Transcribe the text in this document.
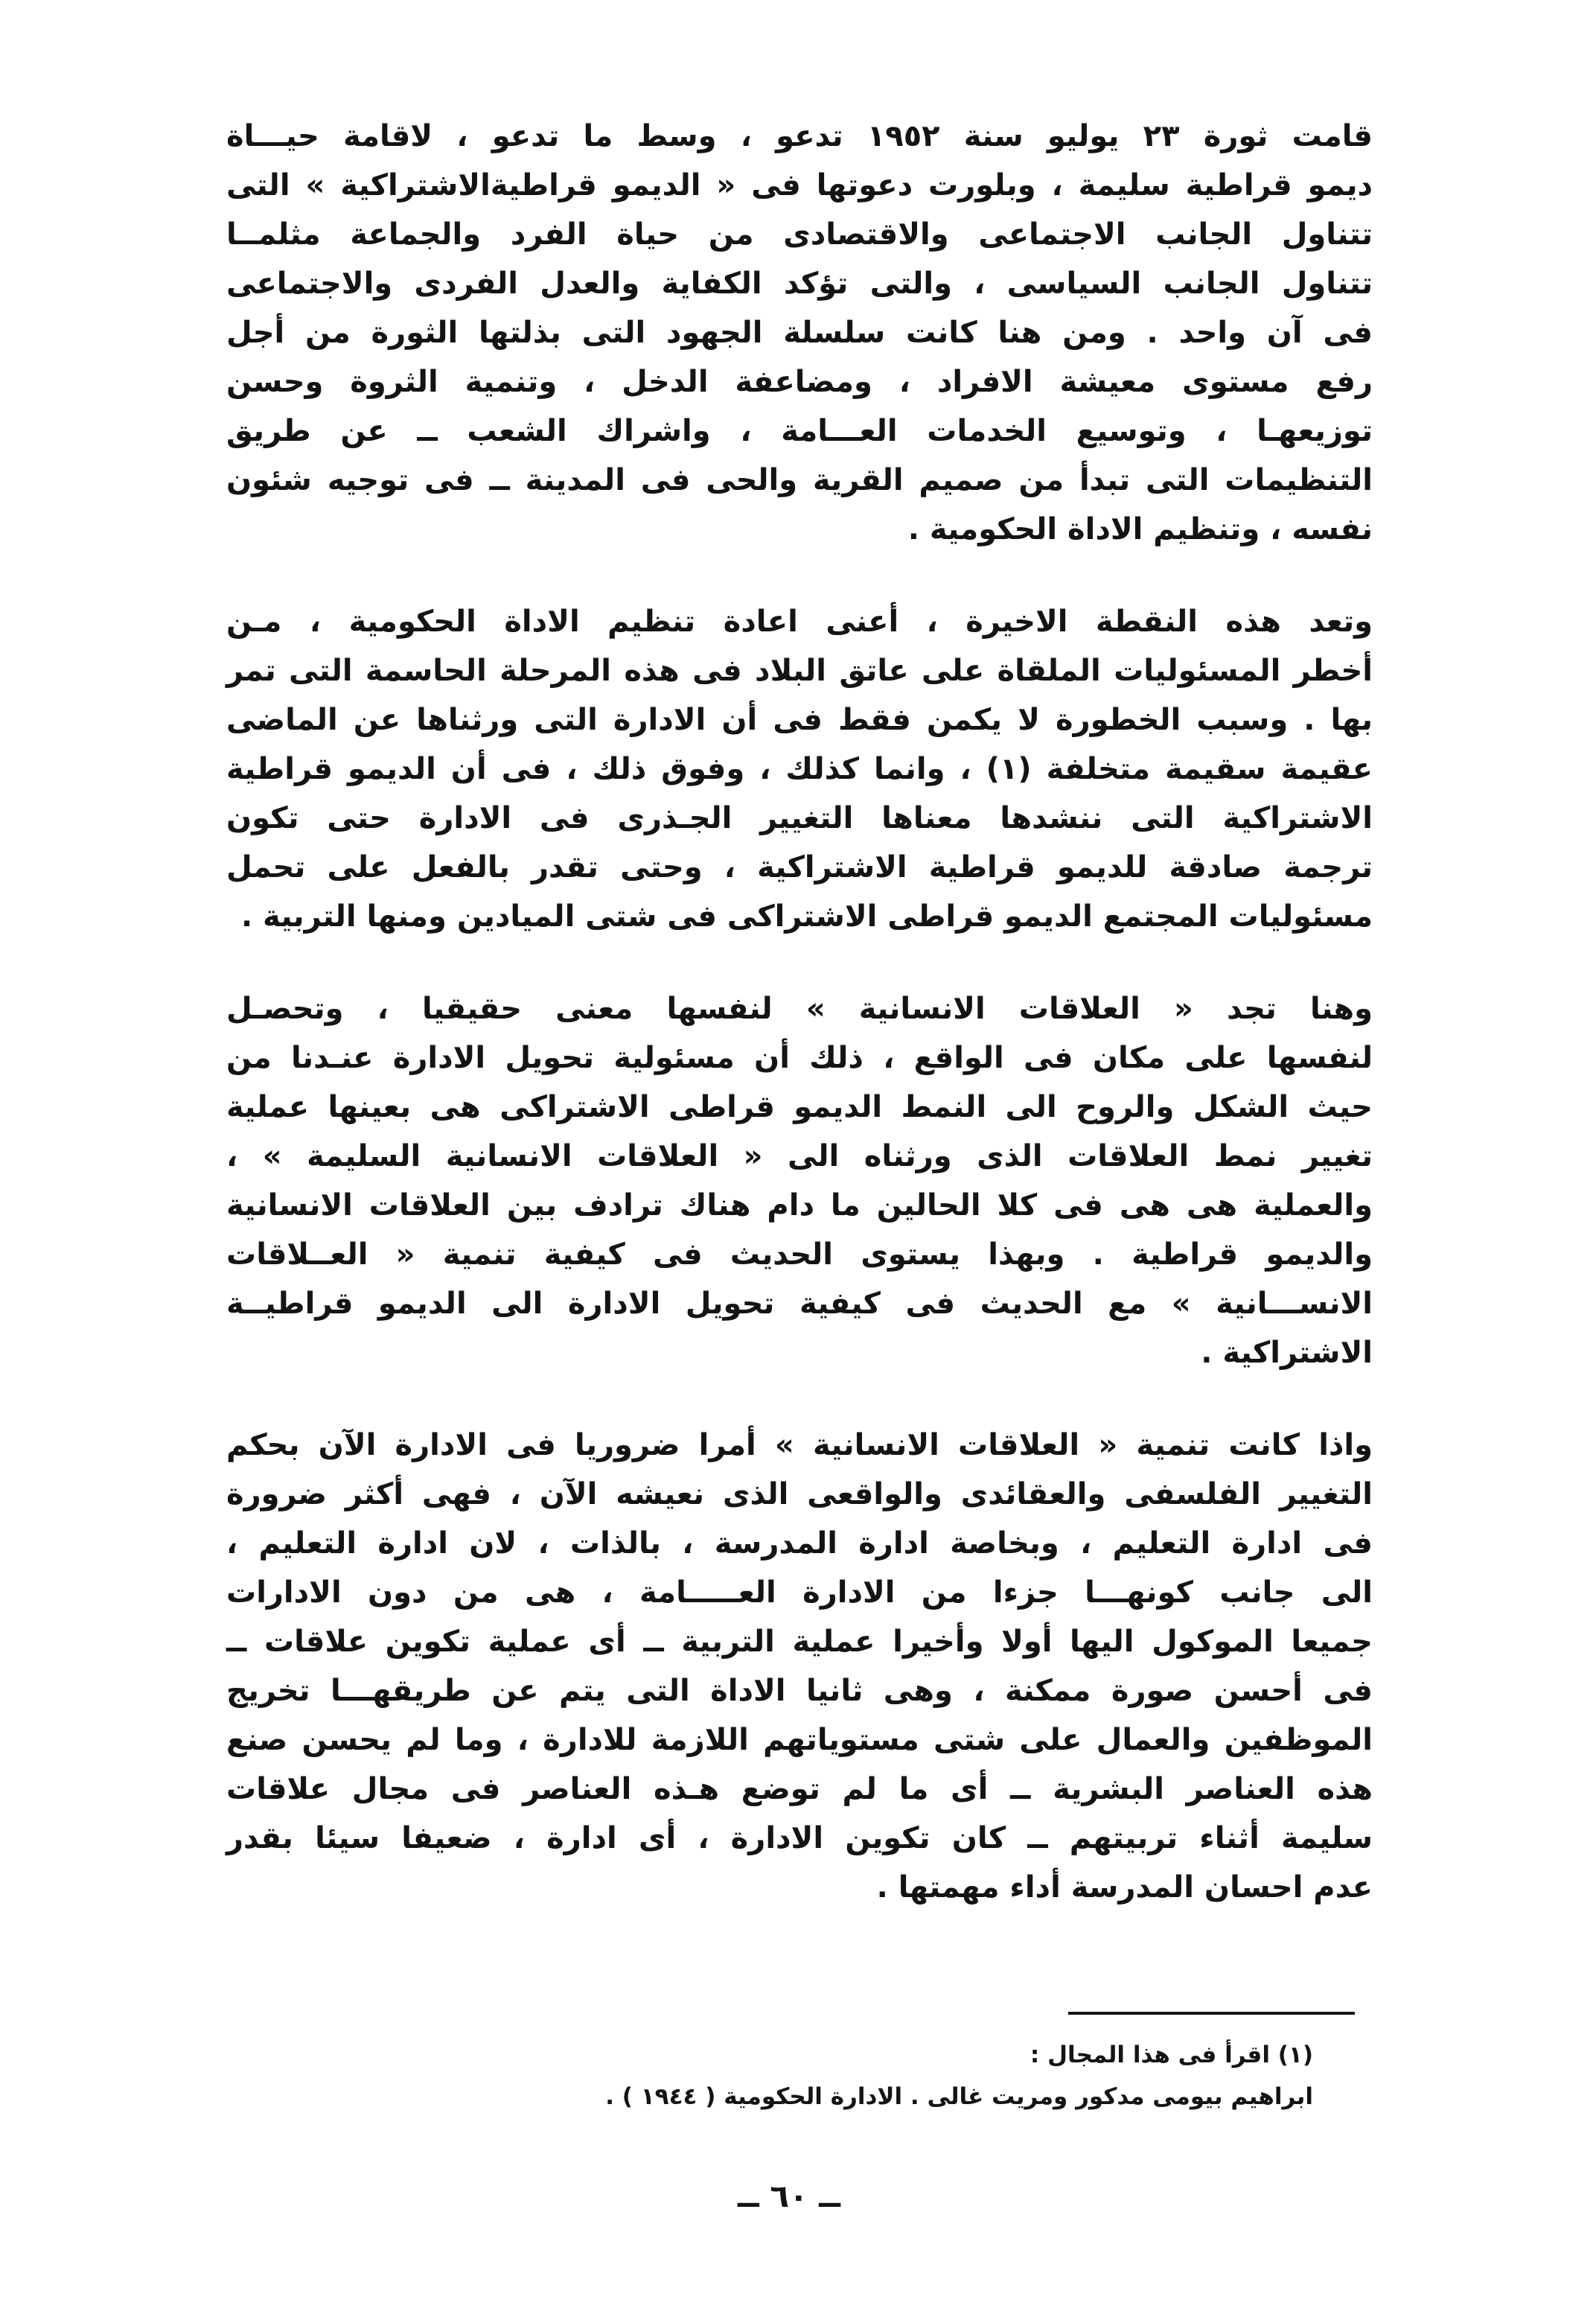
قامت ثورة ٢٣ يوليو سنة ١٩٥٢ تدعو ، وسط ما تدعو ، لاقامة حيـــاة
ديمو قراطية سليمة ، وبلورت دعوتها فى « الديمو قراطيةالاشتراكية » التى
تتناول الجانب الاجتماعى والاقتصادى من حياة الفرد والجماعة مثلمــا
تتناول الجانب السياسى ، والتى تؤكد الكفاية والعدل الفردى والاجتماعى
فى آن واحد . ومن هنا كانت سلسلة الجهود التى بذلتها الثورة من أجل
رفع مستوى معيشة الافراد ، ومضاعفة الدخل ، وتنمية الثروة وحسن
توزيعهـا ، وتوسيع الخدمات العـــامة ، واشراك الشعب ــ عن طريق
التنظيمات التى تبدأ من صميم القرية والحى فى المدينة ــ فى توجيه شئون
نفسه ، وتنظيم الاداة الحكومية .
وتعد هذه النقطة الاخيرة ، أعنى اعادة تنظيم الاداة الحكومية ، مـن
أخطر المسئوليات الملقاة على عاتق البلاد فى هذه المرحلة الحاسمة التى تمر
بها . وسبب الخطورة لا يكمن فقط فى أن الادارة التى ورثناها عن الماضى
عقيمة سقيمة متخلفة (١) ، وانما كذلك ، وفوق ذلك ، فى أن الديمو قراطية
الاشتراكية التى ننشدها معناها التغيير الجـذرى فى الادارة حتى تكون
ترجمة صادقة للديمو قراطية الاشتراكية ، وحتى تقدر بالفعل على تحمل
مسئوليات المجتمع الديمو قراطى الاشتراكى فى شتى الميادين ومنها التربية .
وهنا تجد « العلاقات الانسانية » لنفسها معنى حقيقيا ، وتحصـل
لنفسها على مكان فى الواقع ، ذلك أن مسئولية تحويل الادارة عنـدنا من
حيث الشكل والروح الى النمط الديمو قراطى الاشتراكى هى بعينها عملية
تغيير نمط العلاقات الذى ورثناه الى « العلاقات الانسانية السليمة » ،
والعملية هى هى فى كلا الحالين ما دام هناك ترادف بين العلاقات الانسانية
والديمو قراطية . وبهذا يستوى الحديث فى كيفية تنمية « العــلاقات
الانســـانية » مع الحديث فى كيفية تحويل الادارة الى الديمو قراطيــة
الاشتراكية .
واذا كانت تنمية « العلاقات الانسانية » أمرا ضروريا فى الادارة الآن بحكم
التغيير الفلسفى والعقائدى والواقعى الذى نعيشه الآن ، فهى أكثر ضرورة
فى ادارة التعليم ، وبخاصة ادارة المدرسة ، بالذات ، لان ادارة التعليم ،
الى جانب كونهـــا جزءا من الادارة العـــــامة ، هى من دون الادارات
جميعا الموكول اليها أولا وأخيرا عملية التربية ــ أى عملية تكوين علاقات ــ
فى أحسن صورة ممكنة ، وهى ثانيا الاداة التى يتم عن طريقهـــا تخريج
الموظفين والعمال على شتى مستوياتهم اللازمة للادارة ، وما لم يحسن صنع
هذه العناصر البشرية ــ أى ما لم توضع هـذه العناصر فى مجال علاقات
سليمة أثناء تربيتهم ــ كان تكوين الادارة ، أى ادارة ، ضعيفا سيئا بقدر
عدم احسان المدرسة أداء مهمتها .
(١) اقرأ فى هذا المجال :
ابراهيم بيومى مدكور ومريت غالى . الادارة الحكومية ( ١٩٤٤ ) .
ــ ٦٠ ــ
